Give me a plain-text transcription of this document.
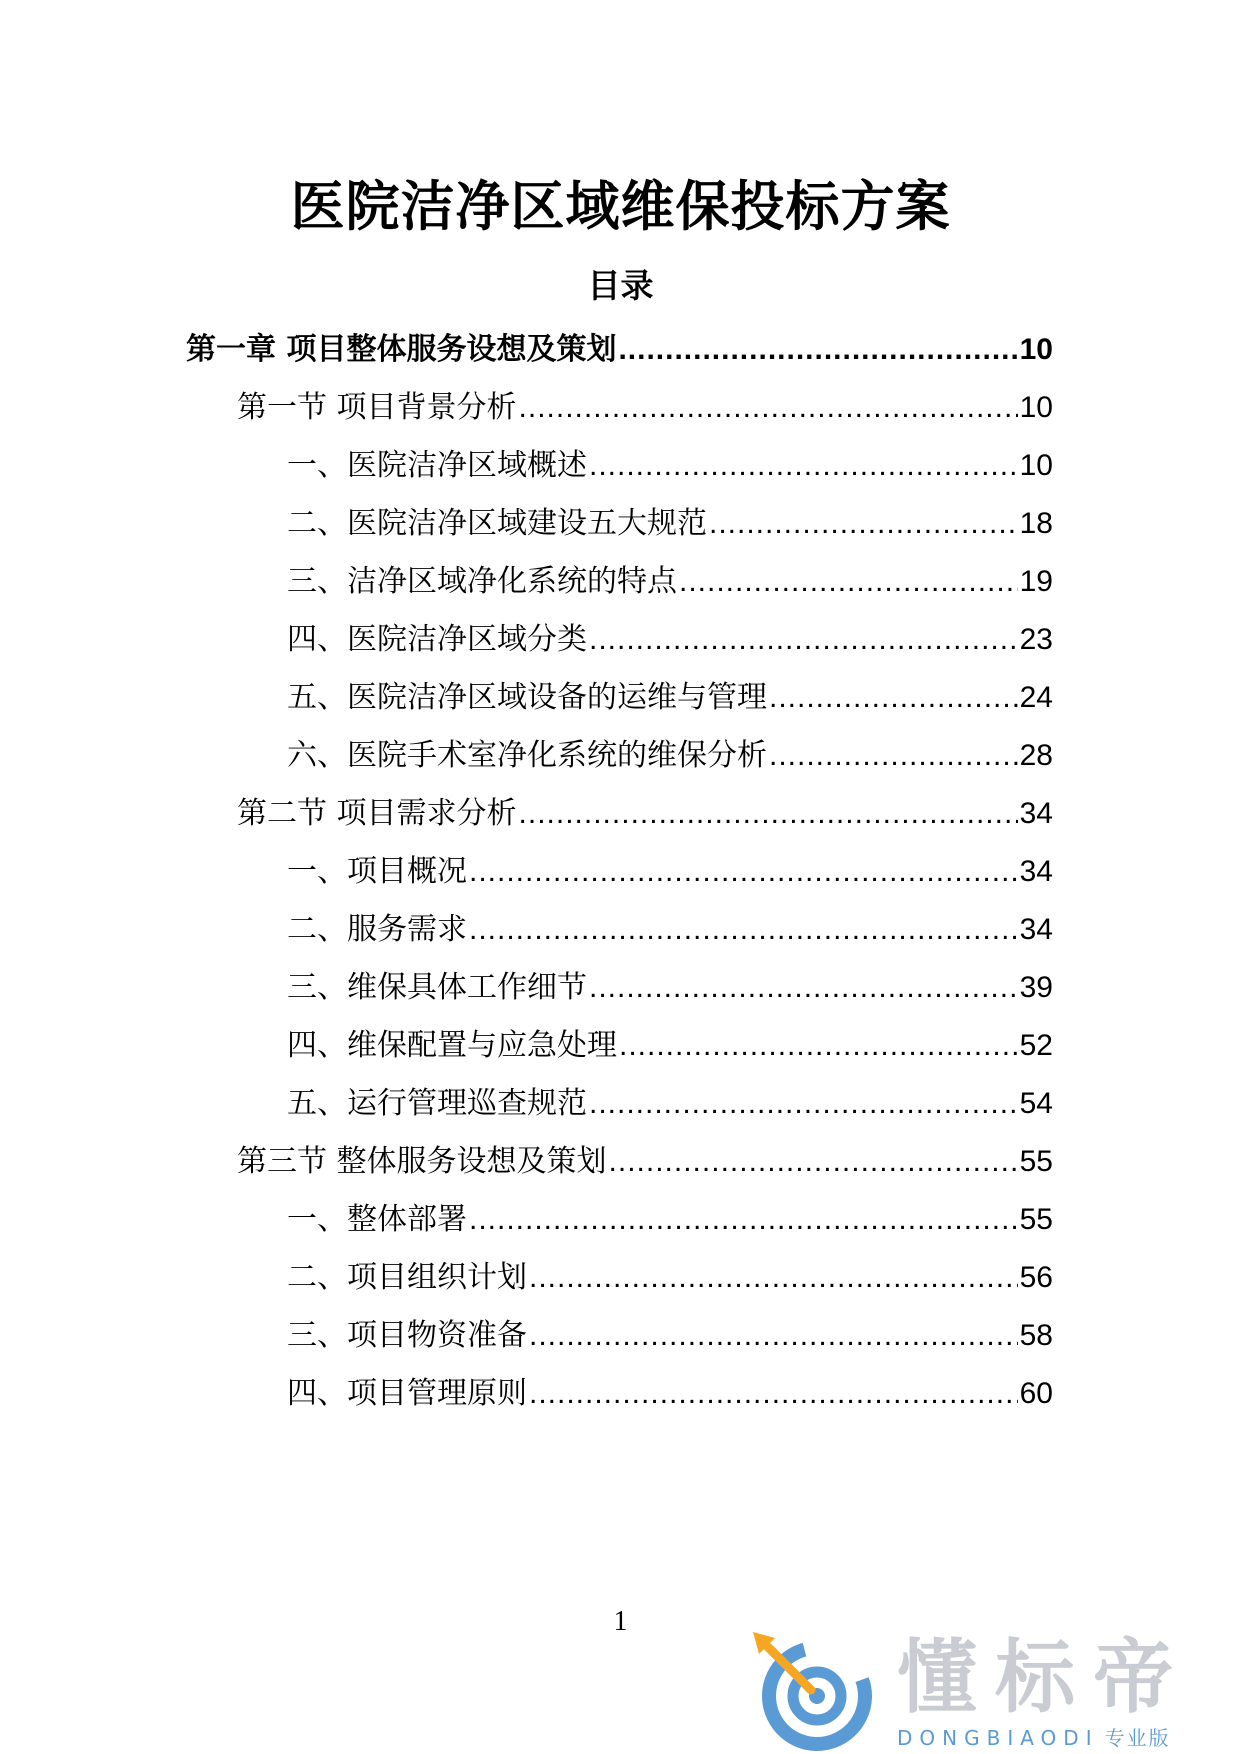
医院洁净区域维保投标方案
目录
第一章 项目整体服务设想及策划 .....	10
第一节 项目背景分析 .....	10
一、医院洁净区域概述 .....	10
二、医院洁净区域建设五大规范 .....	18
三、洁净区域净化系统的特点 .....	19
四、医院洁净区域分类 .....	23
五、医院洁净区域设备的运维与管理 .....	24
六、医院手术室净化系统的维保分析 .....	28
第二节 项目需求分析 .....	34
一、项目概况 .....	34
二、服务需求 .....	34
三、维保具体工作细节 .....	39
四、维保配置与应急处理 .....	52
五、运行管理巡查规范 .....	54
第三节 整体服务设想及策划 .....	55
一、整体部署 .....	55
二、项目组织计划 .....	56
三、项目物资准备 .....	58
四、项目管理原则 .....	60
1
懂标帝
DONGBIAODI 专业版
